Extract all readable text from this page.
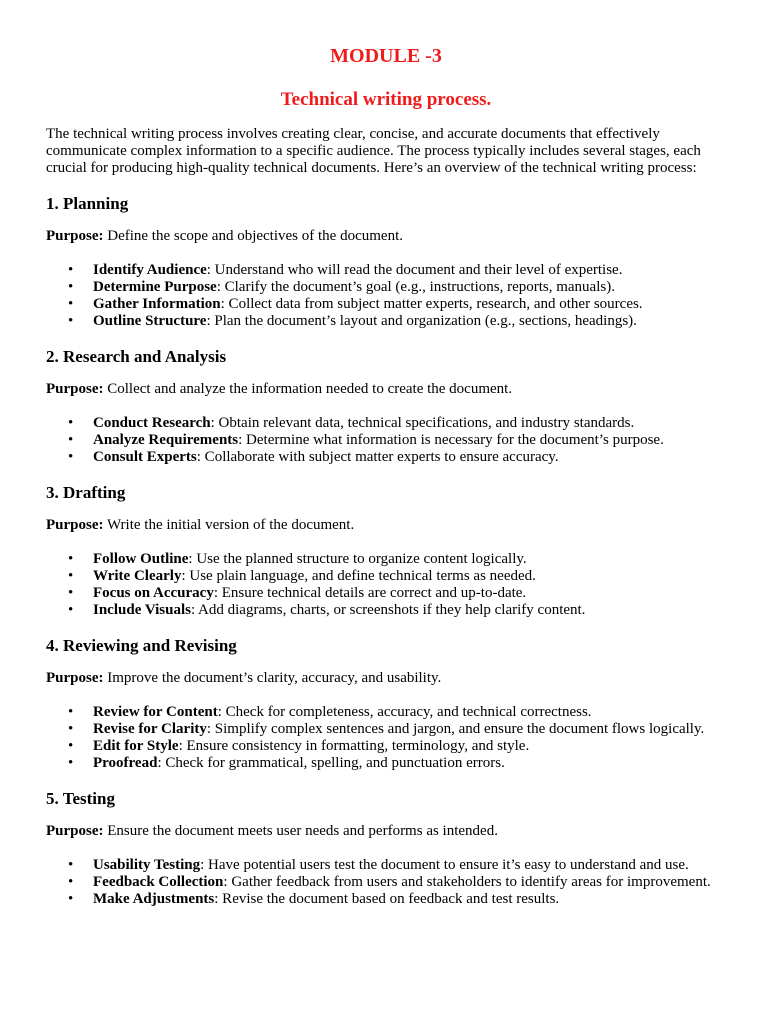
MODULE -3
Technical writing process.

The technical writing process involves creating clear, concise, and accurate documents that effectively communicate complex information to a specific audience. The process typically includes several stages, each crucial for producing high-quality technical documents. Here’s an overview of the technical writing process:

1. Planning

Purpose: Define the scope and objectives of the document.

• Identify Audience: Understand who will read the document and their level of expertise.
• Determine Purpose: Clarify the document’s goal (e.g., instructions, reports, manuals).
• Gather Information: Collect data from subject matter experts, research, and other sources.
• Outline Structure: Plan the document’s layout and organization (e.g., sections, headings).
2. Research and Analysis

Purpose: Collect and analyze the information needed to create the document.

• Conduct Research: Obtain relevant data, technical specifications, and industry standards.
• Analyze Requirements: Determine what information is necessary for the document’s purpose.
• Consult Experts: Collaborate with subject matter experts to ensure accuracy.
3. Drafting

Purpose: Write the initial version of the document.

• Follow Outline: Use the planned structure to organize content logically.
• Write Clearly: Use plain language, and define technical terms as needed.
• Focus on Accuracy: Ensure technical details are correct and up-to-date.
• Include Visuals: Add diagrams, charts, or screenshots if they help clarify content.
4. Reviewing and Revising

Purpose: Improve the document’s clarity, accuracy, and usability.

• Review for Content: Check for completeness, accuracy, and technical correctness.
• Revise for Clarity: Simplify complex sentences and jargon, and ensure the document flows logically.
• Edit for Style: Ensure consistency in formatting, terminology, and style.
• Proofread: Check for grammatical, spelling, and punctuation errors.
5. Testing

Purpose: Ensure the document meets user needs and performs as intended.

• Usability Testing: Have potential users test the document to ensure it’s easy to understand and use.
• Feedback Collection: Gather feedback from users and stakeholders to identify areas for improvement.
• Make Adjustments: Revise the document based on feedback and test results.
